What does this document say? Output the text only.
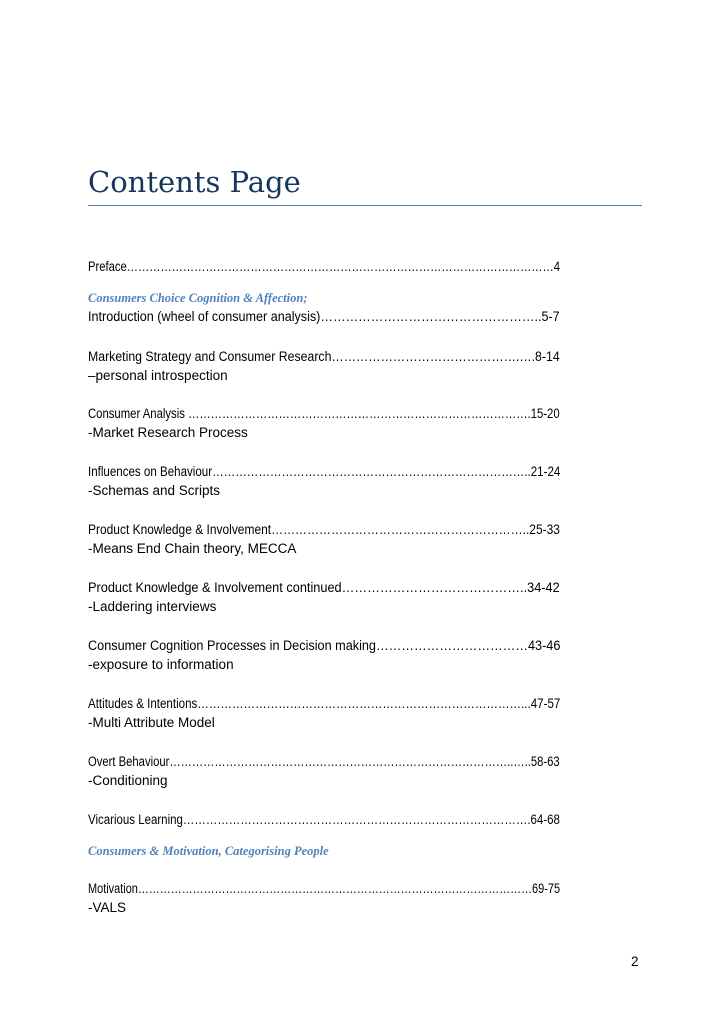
Contents Page
Preface……………………………………………………………………………………………………4
Consumers Choice Cognition & Affection;
Introduction (wheel of consumer analysis)……………………………………………..5-7
Marketing Strategy and Consumer Research……………………………………….….8-14
–personal introspection
Consumer Analysis ……………………………………………………………………………….15-20
-Market Research Process
Influences on Behaviour………………………………………………………………………..21-24
-Schemas and Scripts
Product Knowledge & Involvement………………………………………………………..25-33
-Means End Chain theory, MECCA
Product Knowledge & Involvement continued……………………………………..34-42
-Laddering interviews
Consumer Cognition Processes in Decision making………………………………43-46
-exposure to information
Attitudes & Intentions…………………………………………………………………………...47-57
-Multi Attribute Model
Overt Behaviour………………………………………………………………………………..…..58-63
-Conditioning
Vicarious Learning……………………………………………………………………………….64-68
Consumers & Motivation, Categorising People
Motivation………………………………………………………………………………………………69-75
-VALS
2
